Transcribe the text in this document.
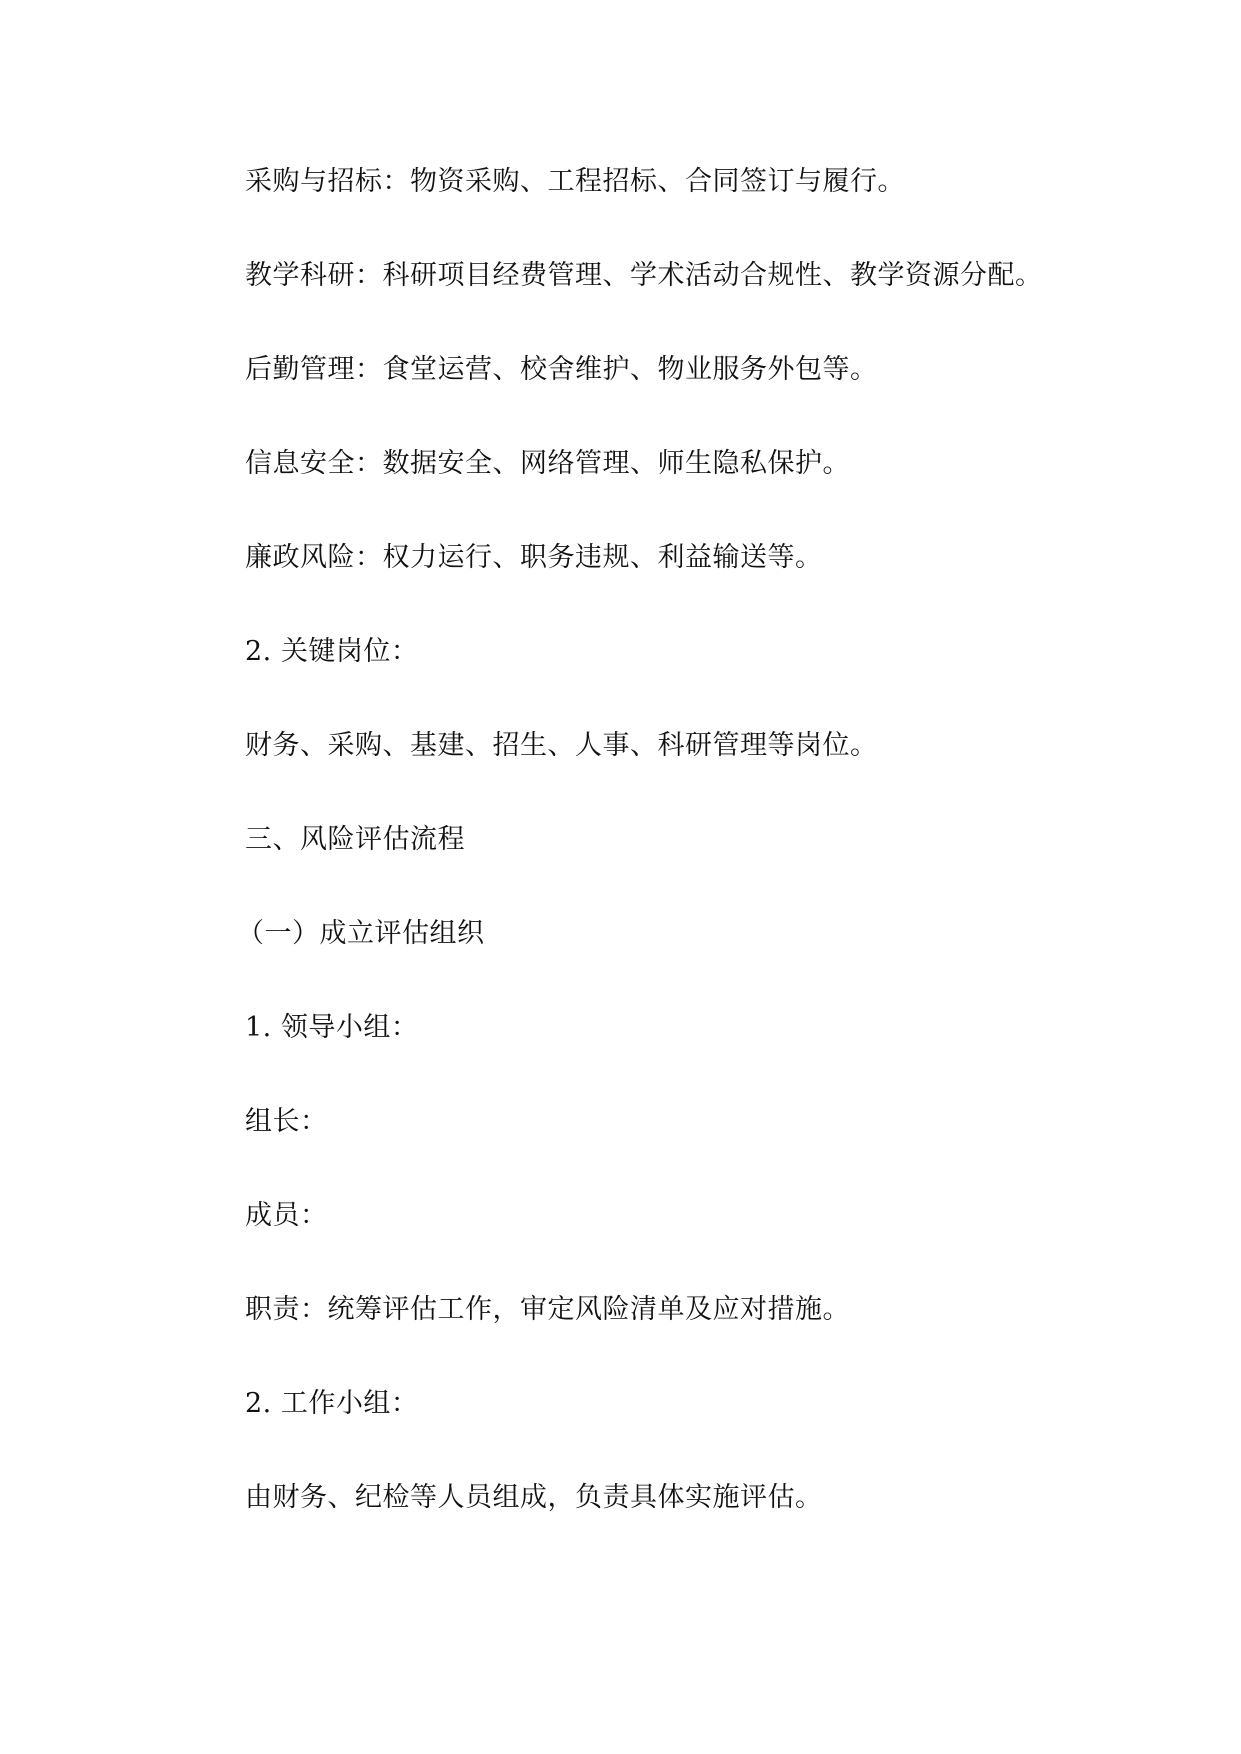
采购与招标：物资采购、工程招标、合同签订与履行。
教学科研：科研项目经费管理、学术活动合规性、教学资源分配。
后勤管理：食堂运营、校舍维护、物业服务外包等。
信息安全：数据安全、网络管理、师生隐私保护。
廉政风险：权力运行、职务违规、利益输送等。
2. 关键岗位：
财务、采购、基建、招生、人事、科研管理等岗位。
三、风险评估流程
（一）成立评估组织
1. 领导小组：
组长：
成员：
职责：统筹评估工作，审定风险清单及应对措施。
2. 工作小组：
由财务、纪检等人员组成，负责具体实施评估。
